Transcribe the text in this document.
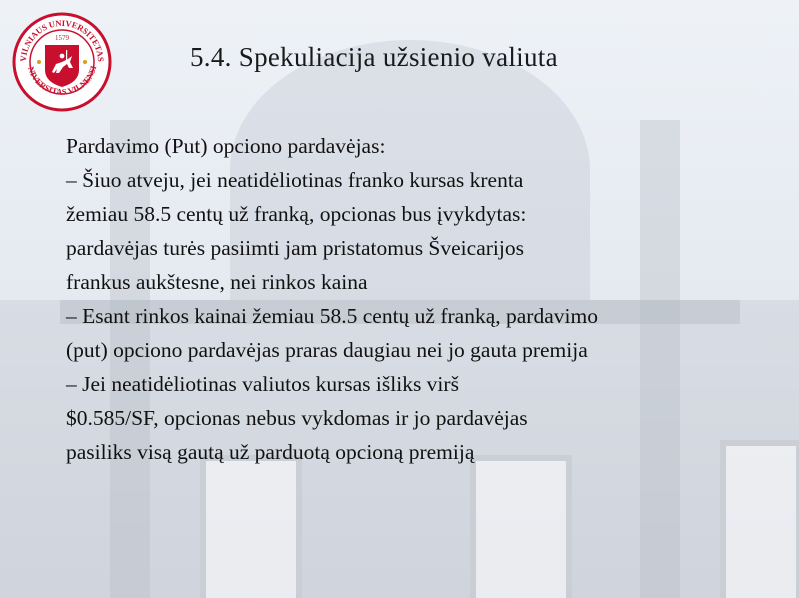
VILNIAUS UNIVERSITETAS
NIVERSITAS VILNENSI
1579
5.4. Spekuliacija užsienio valiuta

Pardavimo (Put) opciono pardavėjas:

– Šiuo atveju, jei neatidėliotinas franko kursas krenta

žemiau 58.5 centų už franką, opcionas bus įvykdytas:

pardavėjas turės pasiimti jam pristatomus Šveicarijos

frankus aukštesne, nei rinkos kaina

– Esant rinkos kainai žemiau 58.5 centų už franką, pardavimo

(put) opciono pardavėjas praras daugiau nei jo gauta premija

– Jei neatidėliotinas valiutos kursas išliks virš

$0.585/SF, opcionas nebus vykdomas ir jo pardavėjas

pasiliks visą gautą už parduotą opcioną premiją
